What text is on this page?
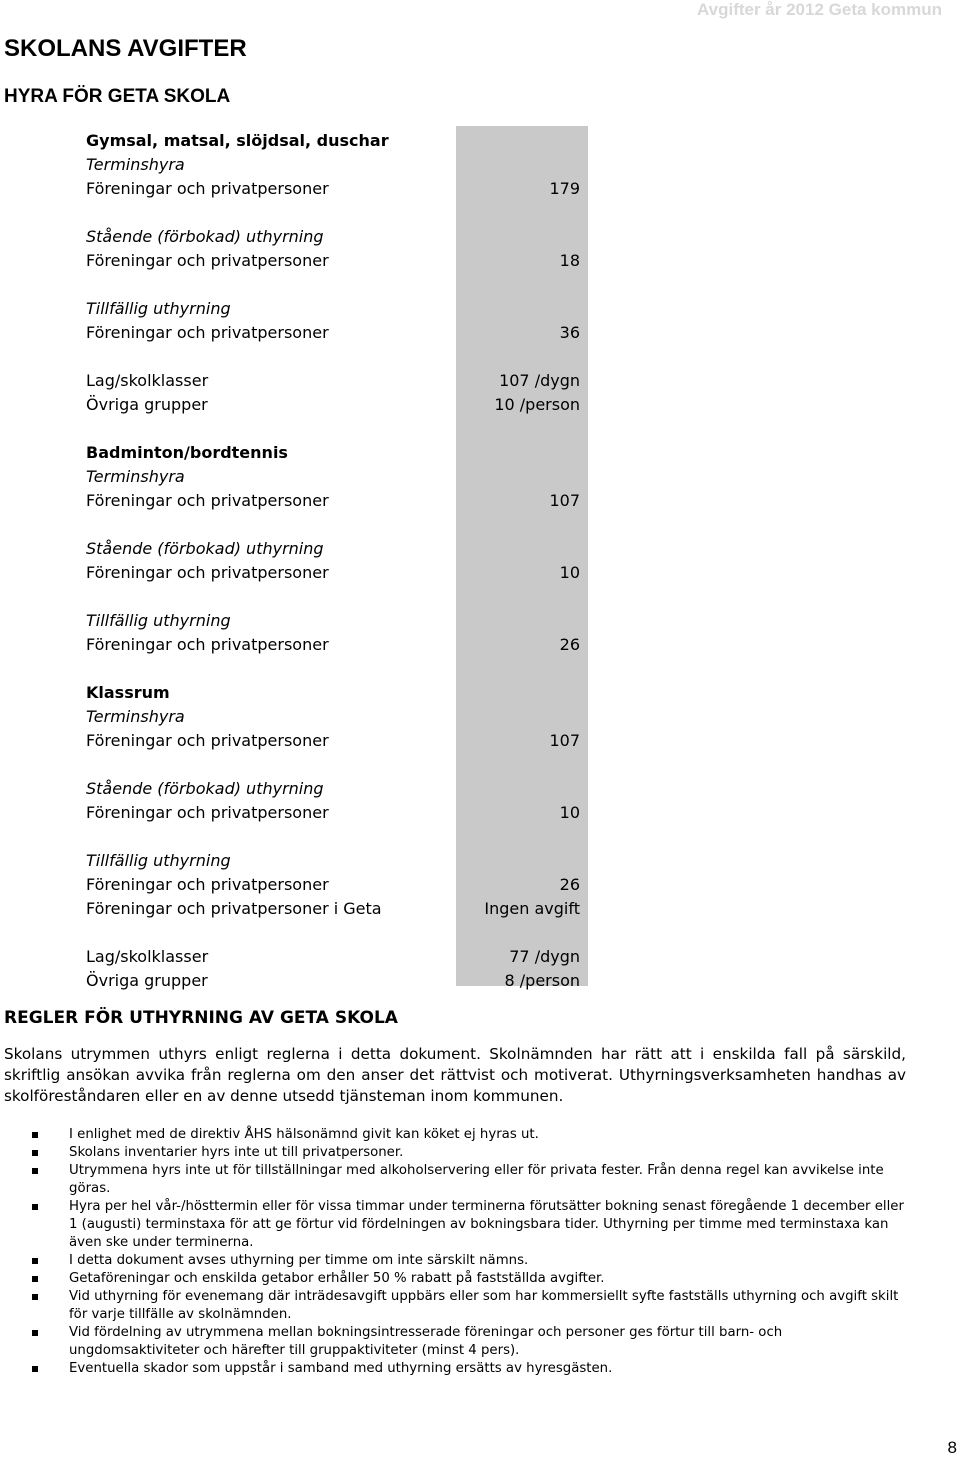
Avgifter år 2012 Geta kommun
SKOLANS AVGIFTER
HYRA FÖR GETA SKOLA
Gymsal, matsal, slöjdsal, duschar
Terminshyra
Föreningar och privatpersoner	179
Stående (förbokad) uthyrning
Föreningar och privatpersoner	18
Tillfällig uthyrning
Föreningar och privatpersoner	36
Lag/skolklasser	107 /dygn
Övriga grupper	10 /person
Badminton/bordtennis
Terminshyra
Föreningar och privatpersoner	107
Stående (förbokad) uthyrning
Föreningar och privatpersoner	10
Tillfällig uthyrning
Föreningar och privatpersoner	26
Klassrum
Terminshyra
Föreningar och privatpersoner	107
Stående (förbokad) uthyrning
Föreningar och privatpersoner	10
Tillfällig uthyrning
Föreningar och privatpersoner	26
Föreningar och privatpersoner i Geta	Ingen avgift
Lag/skolklasser	77 /dygn
Övriga grupper	8 /person
REGLER FÖR UTHYRNING AV GETA SKOLA
Skolans utrymmen uthyrs enligt reglerna i detta dokument. Skolnämnden har rätt att i enskilda fall på särskild, skriftlig ansökan avvika från reglerna om den anser det rättvist och motiverat. Uthyrningsverksamheten handhas av skolföreståndaren eller en av denne utsedd tjänsteman inom kommunen.
I enlighet med de direktiv ÅHS hälsonämnd givit kan köket ej hyras ut.
Skolans inventarier hyrs inte ut till privatpersoner.
Utrymmena hyrs inte ut för tillställningar med alkoholservering eller för privata fester. Från denna regel kan avvikelse inte göras.
Hyra per hel vår-/hösttermin eller för vissa timmar under terminerna förutsätter bokning senast föregående 1 december eller 1 (augusti) terminstaxa för att ge förtur vid fördelningen av bokningsbara tider. Uthyrning per timme med terminstaxa kan även ske under terminerna.
I detta dokument avses uthyrning per timme om inte särskilt nämns.
Getaföreningar och enskilda getabor erhåller 50 % rabatt på fastställda avgifter.
Vid uthyrning för evenemang där inträdesavgift uppbärs eller som har kommersiellt syfte fastställs uthyrning och avgift skilt för varje tillfälle av skolnämnden.
Vid fördelning av utrymmena mellan bokningsintresserade föreningar och personer ges förtur till barn- och ungdomsaktiviteter och härefter till gruppaktiviteter (minst 4 pers).
Eventuella skador som uppstår i samband med uthyrning ersätts av hyresgästen.
8
